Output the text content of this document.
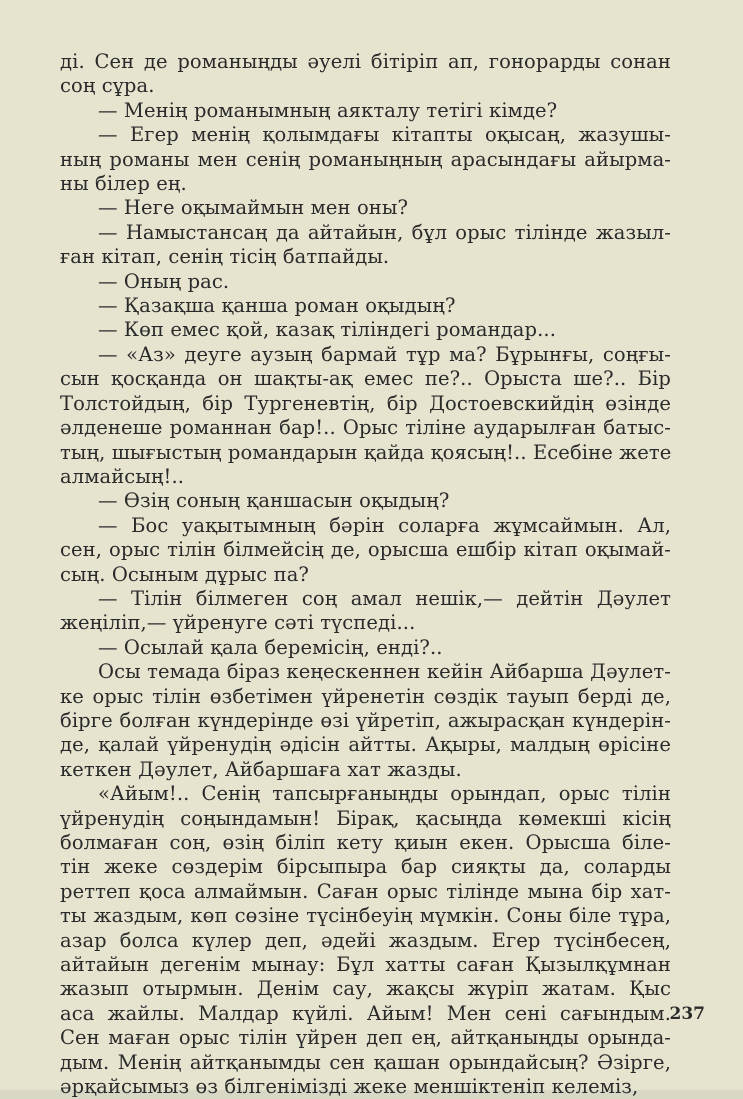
ді. Сен де романыңды әуелі бітіріп ап, гонорарды сонан
соң сұра.
— Менің романымның аякталу тетігі кімде?
— Егер менің қолымдағы кітапты оқысаң, жазушы-
ның романы мен сенің романыңның арасындағы айырма-
ны білер ең.
— Неге оқымаймын мен оны?
— Намыстансаң да айтайын, бұл орыс тілінде жазыл-
ған кітап, сенің тісің батпайды.
— Оның рас.
— Қазақша қанша роман оқыдың?
— Көп емес қой, казақ тіліндегі романдар...
— «Аз» деуге аузың бармай тұр ма? Бұрынғы, соңғы-
сын қосқанда он шақты-ақ емес пе?.. Орыста ше?.. Бір
Толстойдың, бір Тургеневтің, бір Достоевскийдің өзінде
әлденеше романнан бар!.. Орыс тіліне аударылған батыс-
тың, шығыстың романдарын қайда қоясың!.. Есебіне жете
алмайсың!..
— Өзің соның қаншасын оқыдың?
— Бос уақытымның бәрін соларға жұмсаймын. Ал,
сен, орыс тілін білмейсің де, орысша ешбір кітап оқымай-
сың. Осыным дұрыс па?
— Тілін білмеген соң амал нешік,— дейтін Дәулет
жеңіліп,— үйренуге сәті түспеді...
— Осылай қала беремісің, енді?..
Осы темада біраз кеңескеннен кейін Айбарша Дәулет-
ке орыс тілін өзбетімен үйренетін сөздік тауып берді де,
бірге болған күндерінде өзі үйретіп, ажырасқан күндерін-
де, қалай үйренудің әдісін айтты. Ақыры, малдың өрісіне
кеткен Дәулет, Айбаршаға хат жазды.
«Айым!.. Сенің тапсырғаныңды орындап, орыс тілін
үйренудің соңындамын! Бірақ, қасыңда көмекші кісің
болмаған соң, өзің біліп кету қиын екен. Орысша біле-
тін жеке сөздерім бірсыпыра бар сияқты да, соларды
реттеп қоса алмаймын. Саған орыс тілінде мына бір хат-
ты жаздым, көп сөзіне түсінбеуің мүмкін. Соны біле тұра,
азар болса күлер деп, әдейі жаздым. Егер түсінбесең,
айтайын дегенім мынау: Бұл хатты саған Қызылқұмнан
жазып отырмын. Денім сау, жақсы жүріп жатам. Қыс
аса жайлы. Малдар күйлі. Айым! Мен сені сағындым.
Сен маған орыс тілін үйрен деп ең, айтқаныңды орында-
дым. Менің айтқанымды сен қашан орындайсың? Әзірге,
әрқайсымыз өз білгенімізді жеке меншіктеніп келеміз,
237
